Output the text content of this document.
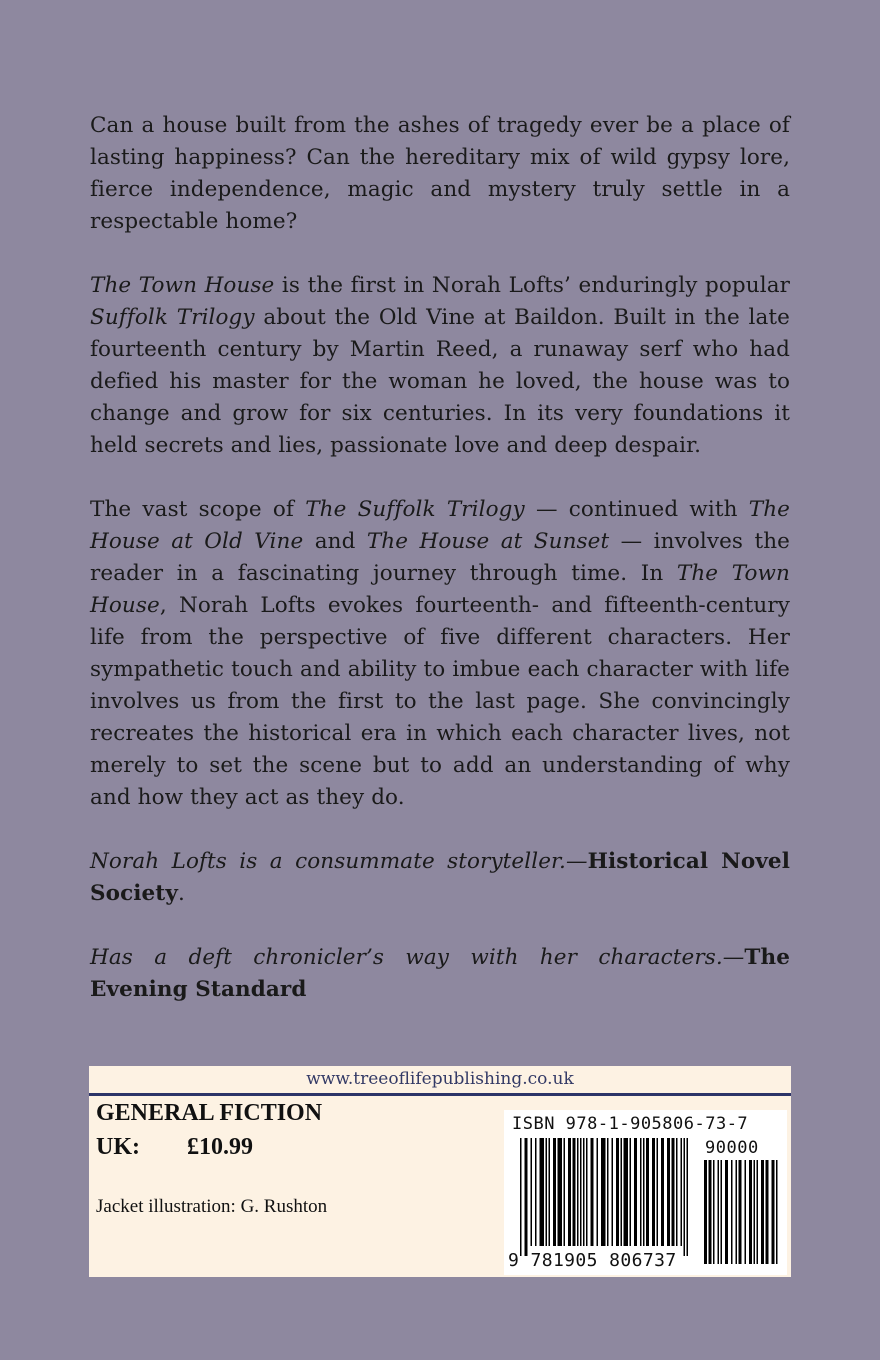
Can a house built from the ashes of tragedy ever be a place of lasting happiness? Can the hereditary mix of wild gypsy lore, fierce independence, magic and mystery truly settle in a respectable home?

The Town House is the first in Norah Lofts’ enduringly popular Suffolk Trilogy about the Old Vine at Baildon. Built in the late fourteenth century by Martin Reed, a runaway serf who had defied his master for the woman he loved, the house was to change and grow for six centuries. In its very foundations it held secrets and lies, passionate love and deep despair.

The vast scope of The Suffolk Trilogy — continued with The House at Old Vine and The House at Sunset — involves the reader in a fascinating journey through time. In The Town House, Norah Lofts evokes fourteenth- and fifteenth-century life from the perspective of five different characters. Her sympathetic touch and ability to imbue each character with life involves us from the first to the last page. She convincingly recreates the historical era in which each character lives, not merely to set the scene but to add an understanding of why and how they act as they do.

Norah Lofts is a consummate storyteller.—Historical Novel Society.

Has a deft chronicler’s way with her characters.—The Evening Standard

www.treeoflifepublishing.co.uk
GENERAL FICTION
UK: £10.99
Jacket illustration: G. Rushton
ISBN 978-1-905806-73-7
90000
9 781905 806737
